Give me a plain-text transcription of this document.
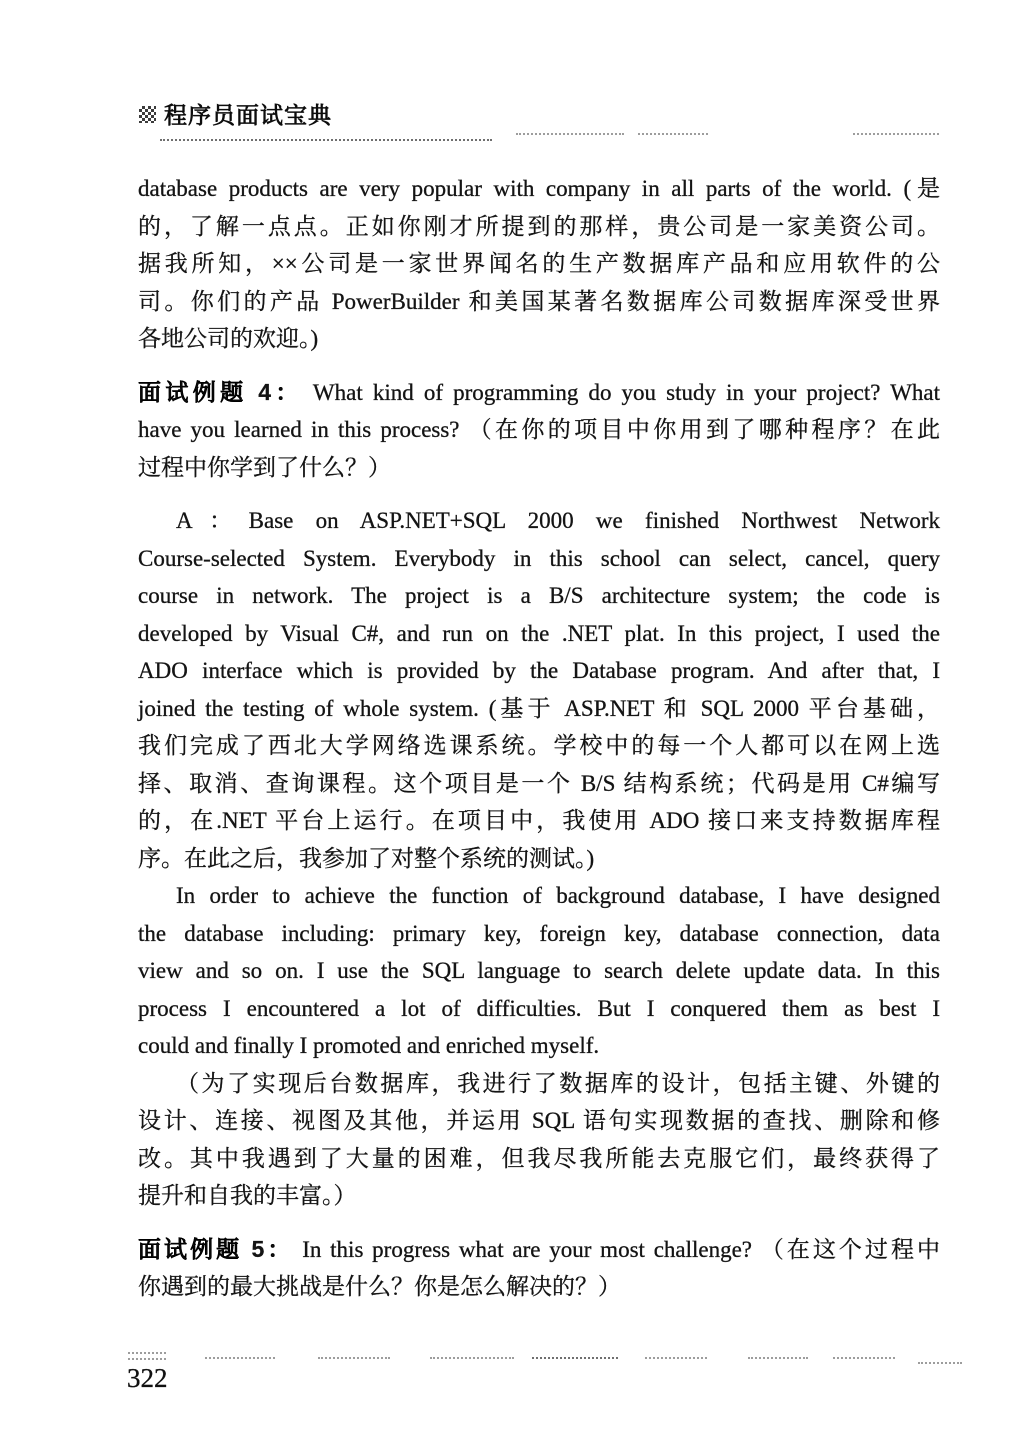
程序员面试宝典
database products are very popular with company in all parts of the world. (是
的，了解一点点。正如你刚才所提到的那样，贵公司是一家美资公司。
据我所知，××公司是一家世界闻名的生产数据库产品和应用软件的公
司。你们的产品 PowerBuilder 和美国某著名数据库公司数据库深受世界
各地公司的欢迎。)
面试例题 4： What kind of programming do you study in your project? What
have you learned in this process? （在你的项目中你用到了哪种程序？在此
过程中你学到了什么？）
A：Base on ASP.NET+SQL 2000 we finished Northwest Network
Course-selected System. Everybody in this school can select, cancel, query
course in network. The project is a B/S architecture system; the code is
developed by Visual C#, and run on the .NET plat. In this project, I used the
ADO interface which is provided by the Database program. And after that, I
joined the testing of whole system. (基于 ASP.NET 和 SQL 2000 平台基础，
我们完成了西北大学网络选课系统。学校中的每一个人都可以在网上选
择、取消、查询课程。这个项目是一个 B/S 结构系统；代码是用 C#编写
的，在.NET 平台上运行。在项目中，我使用 ADO 接口来支持数据库程
序。在此之后，我参加了对整个系统的测试。)
In order to achieve the function of background database, I have designed
the database including: primary key, foreign key, database connection, data
view and so on. I use the SQL language to search delete update data. In this
process I encountered a lot of difficulties. But I conquered them as best I
could and finally I promoted and enriched myself.
（为了实现后台数据库，我进行了数据库的设计，包括主键、外键的
设计、连接、视图及其他，并运用 SQL 语句实现数据的查找、删除和修
改。其中我遇到了大量的困难，但我尽我所能去克服它们，最终获得了
提升和自我的丰富。）
面试例题 5： In this progress what are your most challenge? （在这个过程中
你遇到的最大挑战是什么？你是怎么解决的？）
322
